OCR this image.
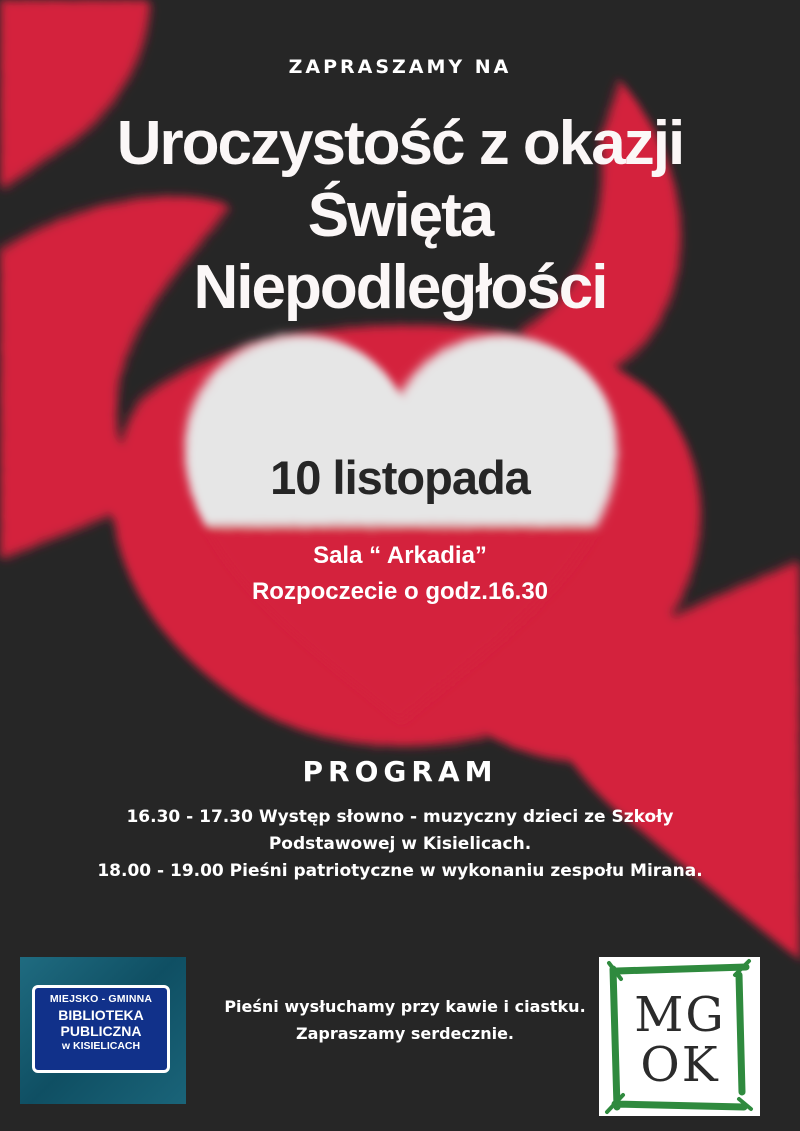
ZAPRASZAMY NA

Uroczystość z okazji
Święta
Niepodległości
10 listopada
Sala “ Arkadia”
Rozpoczecie o godz.16.30
PROGRAM
16.30 - 17.30 Występ słowno - muzyczny dzieci ze Szkoły
Podstawowej w Kisielicach.
18.00 - 19.00 Pieśni patriotyczne w wykonaniu zespołu Mirana.
Pieśni wysłuchamy przy kawie i ciastku.
Zapraszamy serdecznie.
MIEJSKO - GMINNA
BIBLIOTEKA
PUBLICZNA
w KISIELICACH
MG
OK
